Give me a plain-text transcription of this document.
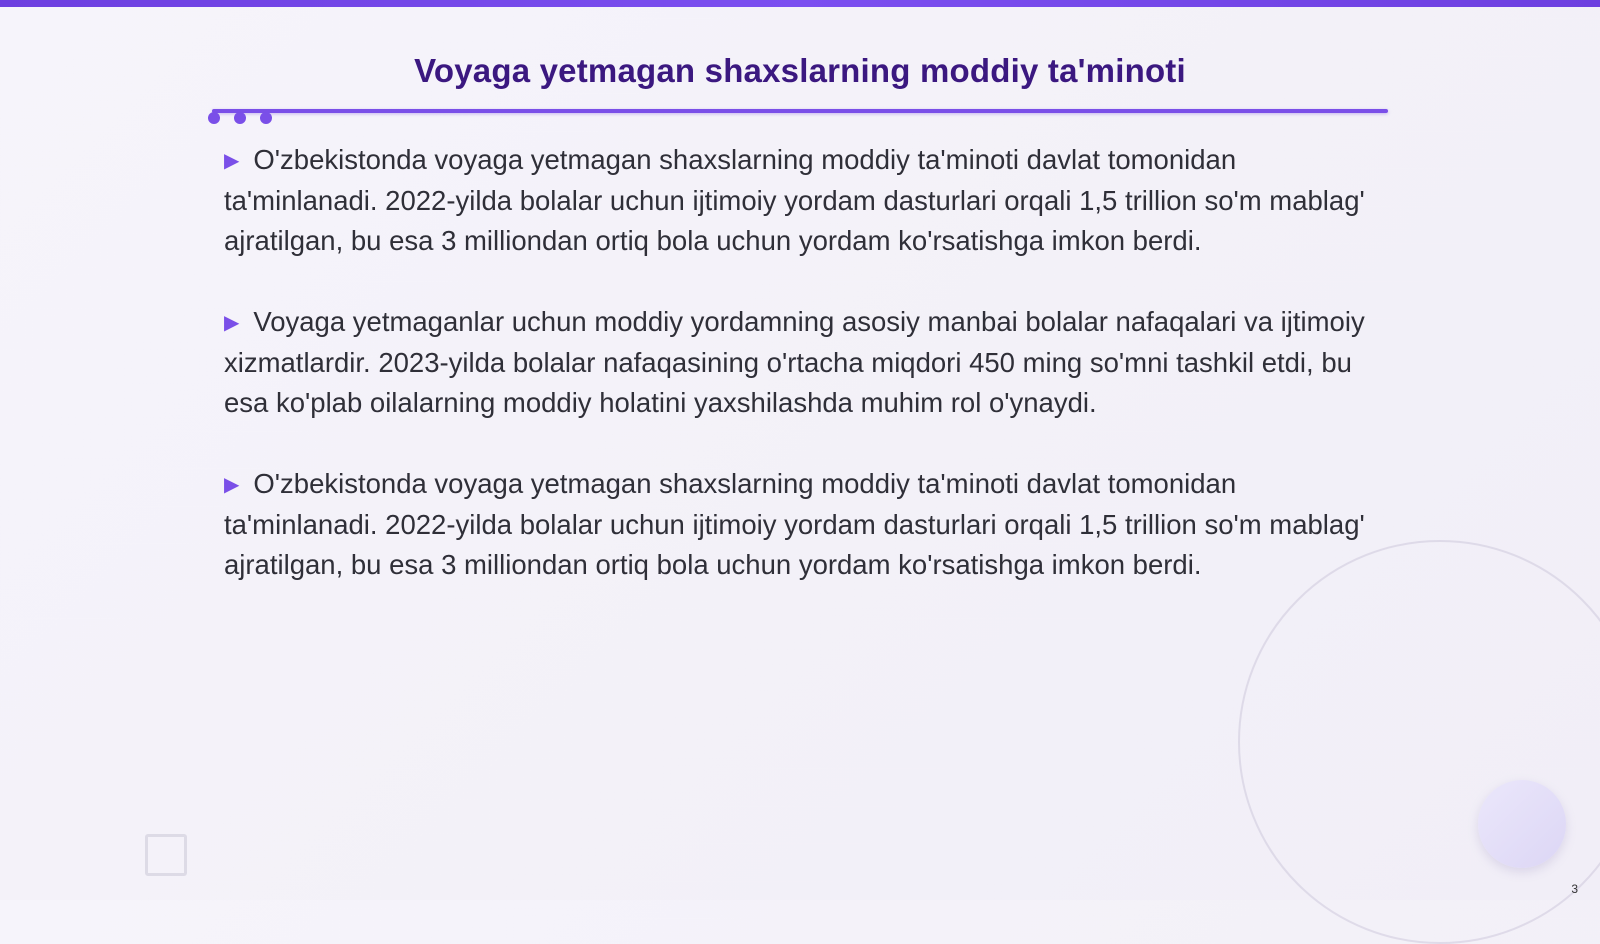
Voyaga yetmagan shaxslarning moddiy ta'minoti

▶ O'zbekistonda voyaga yetmagan shaxslarning moddiy ta'minoti davlat tomonidan ta'minlanadi. 2022-yilda bolalar uchun ijtimoiy yordam dasturlari orqali 1,5 trillion so'm mablag' ajratilgan, bu esa 3 milliondan ortiq bola uchun yordam ko'rsatishga imkon berdi.

▶ Voyaga yetmaganlar uchun moddiy yordamning asosiy manbai bolalar nafaqalari va ijtimoiy xizmatlardir. 2023-yilda bolalar nafaqasining o'rtacha miqdori 450 ming so'mni tashkil etdi, bu esa ko'plab oilalarning moddiy holatini yaxshilashda muhim rol o'ynaydi.

▶ O'zbekistonda voyaga yetmagan shaxslarning moddiy ta'minoti davlat tomonidan ta'minlanadi. 2022-yilda bolalar uchun ijtimoiy yordam dasturlari orqali 1,5 trillion so'm mablag' ajratilgan, bu esa 3 milliondan ortiq bola uchun yordam ko'rsatishga imkon berdi.

3
